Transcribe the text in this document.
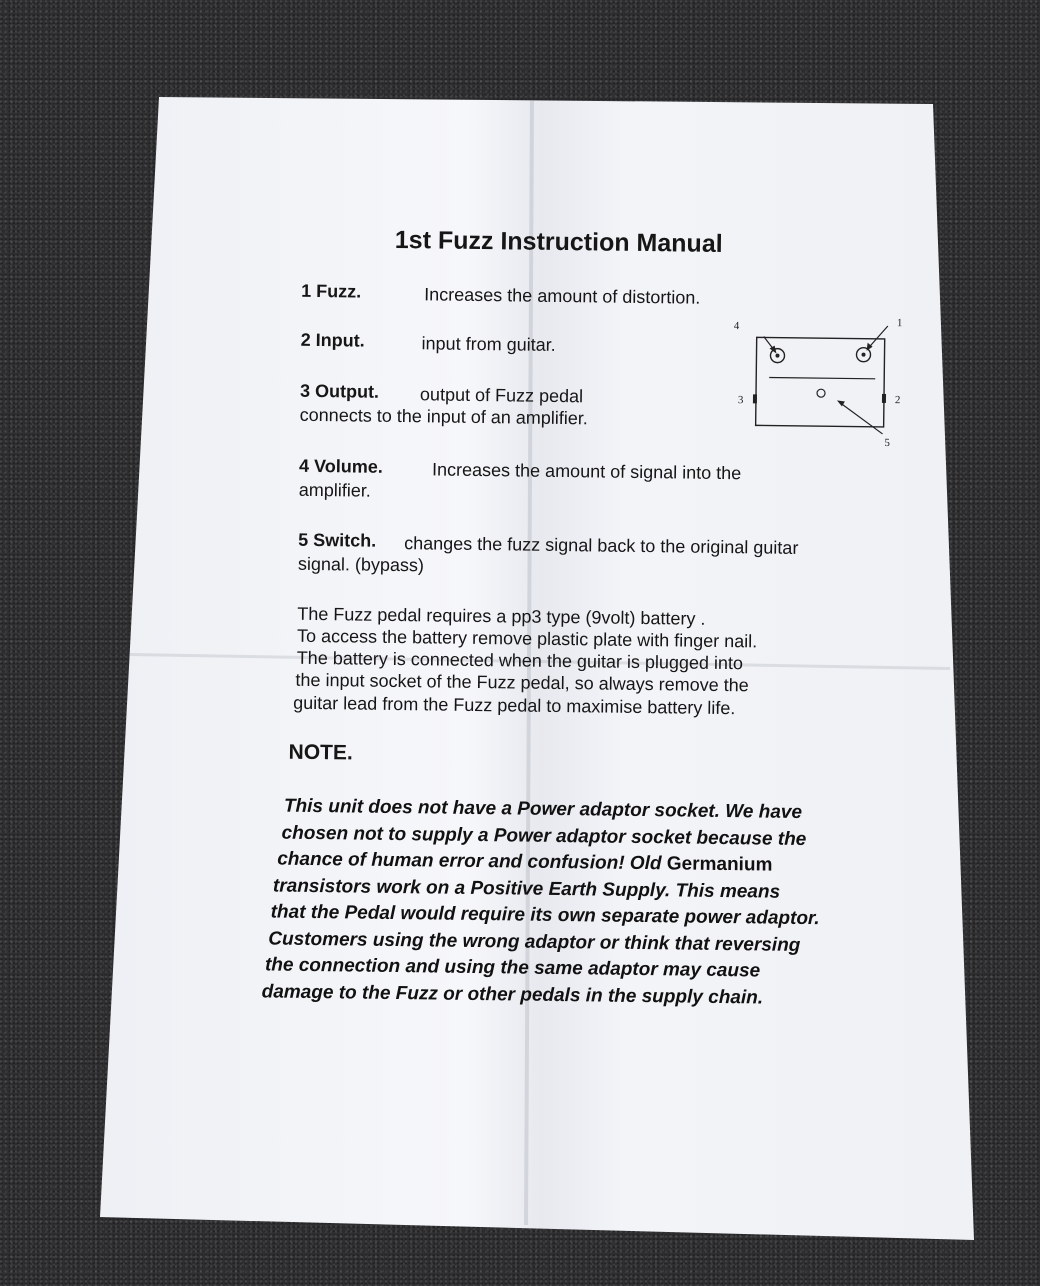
1st Fuzz Instruction Manual
1 Fuzz.	Increases the amount of distortion.
2 Input.	input from guitar.
3 Output. output of Fuzz pedal
connects to the input of an amplifier.
4 Volume.	Increases the amount of signal into the
amplifier.
5 Switch. changes the fuzz signal back to the original guitar
signal. (bypass)
The Fuzz pedal requires a pp3 type (9volt) battery .
To access the battery remove plastic plate with finger nail.
The battery is connected when the guitar is plugged into
the input socket of the Fuzz pedal, so always remove the
guitar lead from the Fuzz pedal to maximise battery life.
NOTE.
This unit does not have a Power adaptor socket. We have
chosen not to supply a Power adaptor socket because the
chance of human error and confusion! Old Germanium
transistors work on a Positive Earth Supply. This means
that the Pedal would require its own separate power adaptor.
Customers using the wrong adaptor or think that reversing
the connection and using the same adaptor may cause
damage to the Fuzz or other pedals in the supply chain.
4	1
3	2
5
